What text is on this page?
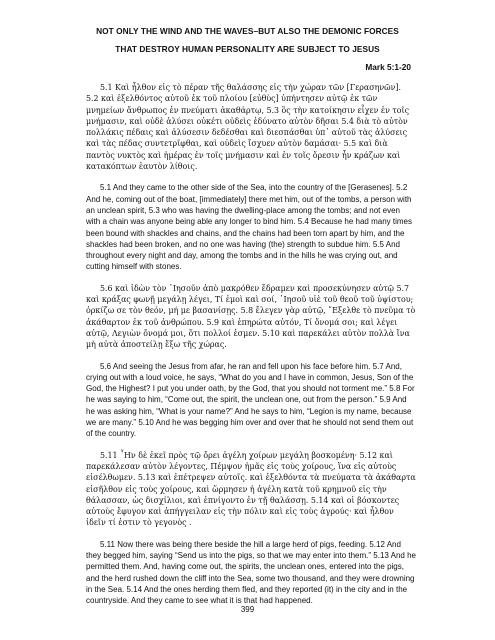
NOT ONLY THE WIND AND THE WAVES–BUT ALSO THE DEMONIC FORCES
THAT DESTROY HUMAN PERSONALITY ARE SUBJECT TO JESUS
Mark 5:1-20

5.1 Καὶ ἦλθον εἰς τὸ πέραν τῆς θαλάσσης εἰς τὴν χώραν τῶν [Γερασηνῶν]. 5.2 καὶ ἐξελθόντος αὐτοῦ ἐκ τοῦ πλοίου [εὐθὺς] ὑπήντησεν αὐτῷ ἐκ τῶν μνημείων ἄνθρωπος ἐν πνεύματι ἀκαθάρτῳ, 5.3 ὃς τὴν κατοίκησιν εἶχεν ἐν τοῖς μνήμασιν, καὶ οὐδὲ ἁλύσει οὐκέτι οὐδεὶς ἐδύνατο αὐτὸν δῆσαι 5.4 διὰ τὸ αὐτὸν πολλάκις πέδαις καὶ ἁλύσεσιν δεδέσθαι καὶ διεσπάσθαι ὑπ᾽ αὐτοῦ τὰς ἁλύσεις καὶ τὰς πέδας συντετρῖφθαι, καὶ οὐδεὶς ἴσχυεν αὐτὸν δαμάσαι· 5.5 καὶ διὰ παντὸς νυκτὸς καὶ ἡμέρας ἐν τοῖς μνήμασιν καὶ ἐν τοῖς ὄρεσιν ἦν κράζων καὶ κατακόπτων ἑαυτὸν λίθοις.

5.1 And they came to the other side of the Sea, into the country of the [Gerasenes]. 5.2 And he, coming out of the boat, [immediately] there met him, out of the tombs, a person with an unclean spirit, 5.3 who was having the dwelling-place among the tombs; and not even with a chain was anyone being able any longer to bind him. 5.4 Because he had many times been bound with shackles and chains, and the chains had been torn apart by him, and the shackles had been broken, and no one was having (the) strength to subdue him. 5.5 And throughout every night and day, among the tombs and in the hills he was crying out, and cutting himself with stones.

5.6 καὶ ἰδὼν τὸν ᾽Ιησοῦν ἀπὸ μακρόθεν ἔδραμεν καὶ προσεκύνησεν αὐτῷ 5.7 καὶ κράξας φωνῇ μεγάλῃ λέγει, Τί ἐμοὶ καὶ σοί, ᾽Ιησοῦ υἱὲ τοῦ θεοῦ τοῦ ὑψίστου; ὁρκίζω σε τὸν θεόν, μή με βασανίσῃς. 5.8 ἔλεγεν γὰρ αὐτῷ, ῎Εξελθε τὸ πνεῦμα τὸ ἀκάθαρτον ἐκ τοῦ ἀνθρώπου. 5.9 καὶ ἐπηρώτα αὐτόν, Τί ὄνομά σοι; καὶ λέγει αὐτῷ, Λεγιὼν ὄνομά μοι, ὅτι πολλοί ἐσμεν. 5.10 καὶ παρεκάλει αὐτὸν πολλὰ ἵνα μὴ αὐτὰ ἀποστείλῃ ἔξω τῆς χώρας.

5.6 And seeing the Jesus from afar, he ran and fell upon his face before him. 5.7 And, crying out with a loud voice, he says, “What do you and I have in common, Jesus, Son of the God, the Highest? I put you under oath, by the God, that you should not torment me.” 5.8 For he was saying to him, “Come out, the spirit, the unclean one, out from the person.” 5.9 And he was asking him, “What is your name?” And he says to him, “Legion is my name, because we are many.” 5.10 And he was begging him over and over that he should not send them out of the country.

5.11 ῏Ην δὲ ἐκεῖ πρὸς τῷ ὄρει ἀγέλη χοίρων μεγάλη βοσκομένη· 5.12 καὶ παρεκάλεσαν αὐτὸν λέγοντες, Πέμψον ἡμᾶς εἰς τοὺς χοίρους, ἵνα εἰς αὐτοὺς εἰσέλθωμεν. 5.13 καὶ ἐπέτρεψεν αὐτοῖς. καὶ ἐξελθόντα τὰ πνεύματα τὰ ἀκάθαρτα εἰσῆλθον εἰς τοὺς χοίρους, καὶ ὥρμησεν ἡ ἀγέλη κατὰ τοῦ κρημνοῦ εἰς τὴν θάλασσαν, ὡς δισχίλιοι, καὶ ἐπνίγοντο ἐν τῇ θαλάσσῃ. 5.14 καὶ οἱ βόσκοντες αὐτοὺς ἔφυγον καὶ ἀπήγγειλαν εἰς τὴν πόλιν καὶ εἰς τοὺς ἀγρούς· καὶ ἦλθον ἰδεῖν τί ἐστιν τὸ γεγονὸς .

5.11 Now there was being there beside the hill a large herd of pigs, feeding. 5.12 And they begged him, saying “Send us into the pigs, so that we may enter into them.” 5.13 And he permitted them. And, having come out, the spirits, the unclean ones, entered into the pigs, and the herd rushed down the cliff into the Sea, some two thousand, and they were drowning in the Sea. 5.14 And the ones herding them fled, and they reported (it) in the city and in the countryside. And they came to see what it is that had happened.

399
